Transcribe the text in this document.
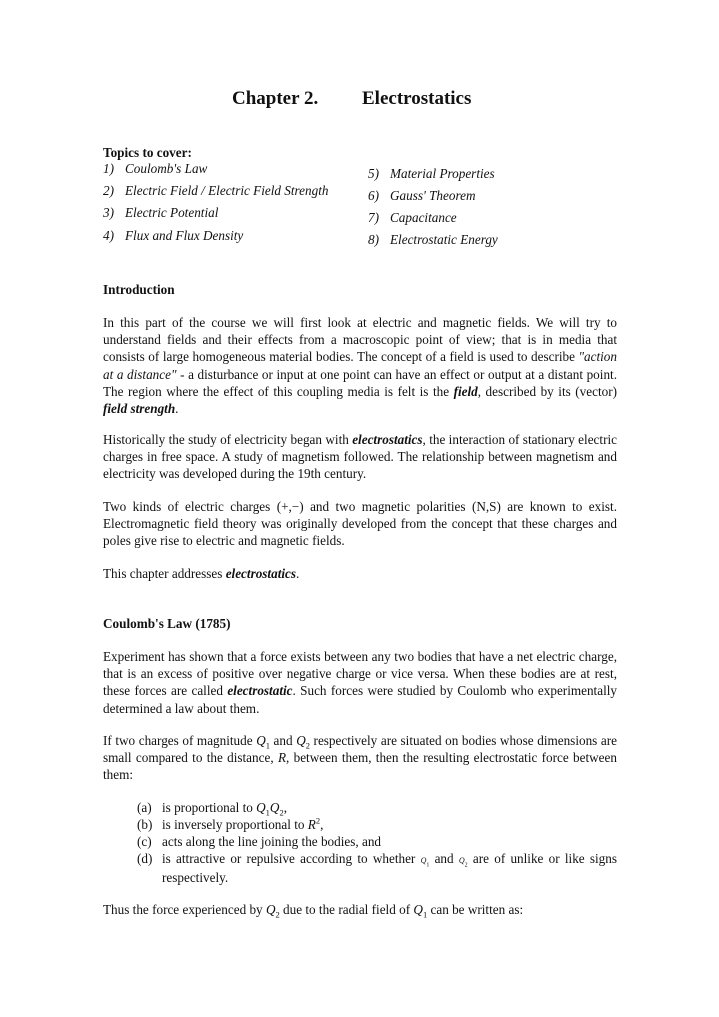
Chapter 2. Electrostatics
Topics to cover:
1) Coulomb's Law
2) Electric Field / Electric Field Strength
3) Electric Potential
4) Flux and Flux Density
5) Material Properties
6) Gauss' Theorem
7) Capacitance
8) Electrostatic Energy
Introduction

In this part of the course we will first look at electric and magnetic fields. We will try to understand fields and their effects from a macroscopic point of view; that is in media that consists of large homogeneous material bodies. The concept of a field is used to describe "action at a distance" - a disturbance or input at one point can have an effect or output at a distant point. The region where the effect of this coupling media is felt is the field, described by its (vector) field strength.

Historically the study of electricity began with electrostatics, the interaction of stationary electric charges in free space. A study of magnetism followed. The relationship between magnetism and electricity was developed during the 19th century.

Two kinds of electric charges (+,−) and two magnetic polarities (N,S) are known to exist. Electromagnetic field theory was originally developed from the concept that these charges and poles give rise to electric and magnetic fields.

This chapter addresses electrostatics.

Coulomb's Law (1785)

Experiment has shown that a force exists between any two bodies that have a net electric charge, that is an excess of positive over negative charge or vice versa. When these bodies are at rest, these forces are called electrostatic. Such forces were studied by Coulomb who experimentally determined a law about them.

If two charges of magnitude $Q_1$ and $Q_2$ respectively are situated on bodies whose dimensions are small compared to the distance, R, between them, then the resulting electrostatic force between them:

(a) is proportional to $Q_1Q_2$,
(b) is inversely proportional to $R^2$,
(c) acts along the line joining the bodies, and
(d) is attractive or repulsive according to whether $Q_1$ and $Q_2$ are of unlike or like signs respectively.

Thus the force experienced by $Q_2$ due to the radial field of $Q_1$ can be written as:
